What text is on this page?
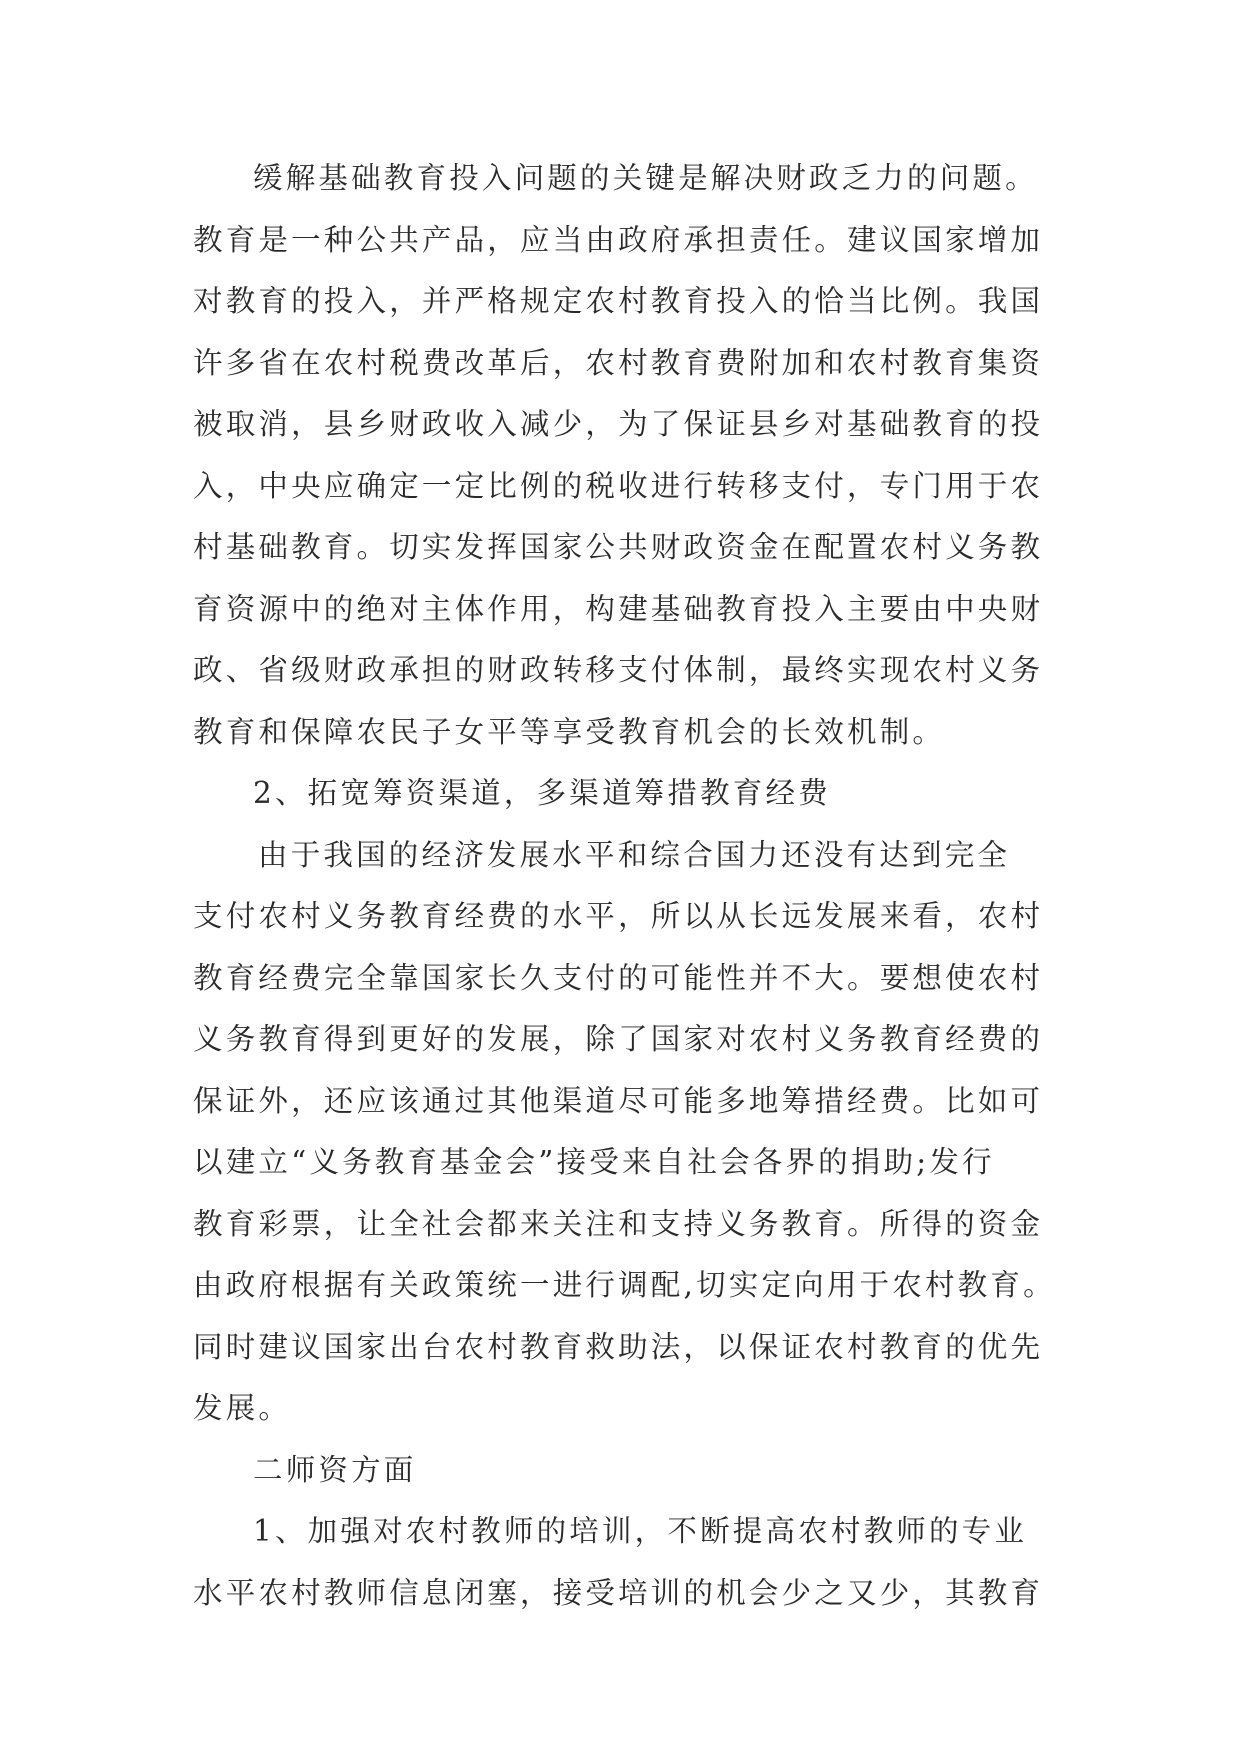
缓解基础教育投入问题的关键是解决财政乏力的问题。
教育是一种公共产品，应当由政府承担责任。建议国家增加
对教育的投入，并严格规定农村教育投入的恰当比例。我国
许多省在农村税费改革后，农村教育费附加和农村教育集资
被取消，县乡财政收入减少，为了保证县乡对基础教育的投
入，中央应确定一定比例的税收进行转移支付，专门用于农
村基础教育。切实发挥国家公共财政资金在配置农村义务教
育资源中的绝对主体作用，构建基础教育投入主要由中央财
政、省级财政承担的财政转移支付体制，最终实现农村义务
教育和保障农民子女平等享受教育机会的长效机制。
2、拓宽筹资渠道，多渠道筹措教育经费
由于我国的经济发展水平和综合国力还没有达到完全
支付农村义务教育经费的水平，所以从长远发展来看，农村
教育经费完全靠国家长久支付的可能性并不大。要想使农村
义务教育得到更好的发展，除了国家对农村义务教育经费的
保证外，还应该通过其他渠道尽可能多地筹措经费。比如可
以建立“义务教育基金会”接受来自社会各界的捐助;发行
教育彩票，让全社会都来关注和支持义务教育。所得的资金
由政府根据有关政策统一进行调配,切实定向用于农村教育。
同时建议国家出台农村教育救助法，以保证农村教育的优先
发展。
二师资方面
1、加强对农村教师的培训，不断提高农村教师的专业
水平农村教师信息闭塞，接受培训的机会少之又少，其教育
